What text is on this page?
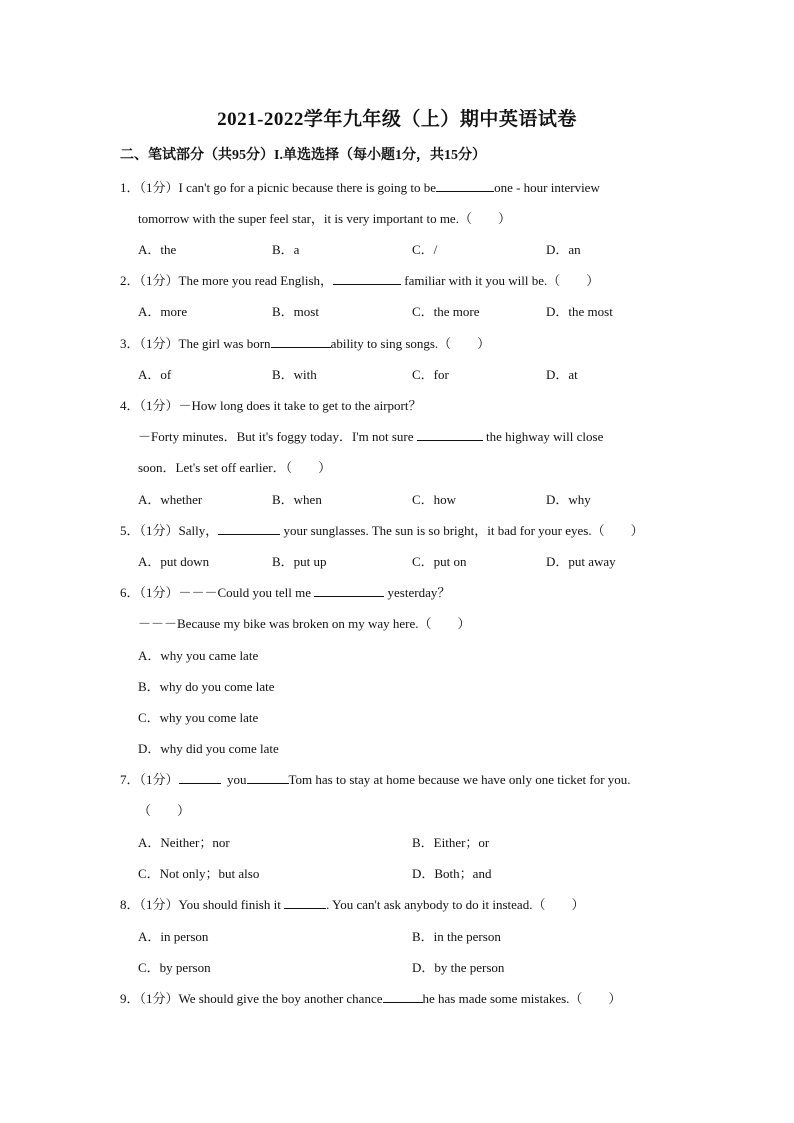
2021-2022学年九年级（上）期中英语试卷
二、笔试部分（共95分）I.单选选择（每小题1分，共15分）
1．（1分）I can't go for a picnic because there is going to be	one - hour interview
tomorrow with the super feel star，it is very important to me.（　　）
A．the	B．a	C．/	D．an
2．（1分）The more you read English，	familiar with it you will be.（　　）
A．more	B．most	C．the more	D．the most
3．（1分）The girl was born	ability to sing songs.（　　）
A．of	B．with	C．for	D．at
4．（1分）－How long does it take to get to the airport？
－Forty minutes．But it's foggy today．I'm not sure	the highway will close
soon．Let's set off earlier．（　　）
A．whether	B．when	C．how	D．why
5．（1分）Sally，	your sunglasses. The sun is so bright，it bad for your eyes.（　　）
A．put down	B．put up	C．put on	D．put away
6．（1分）－－－Could you tell me	yesterday？
－－－Because my bike was broken on my way here.（　　）
A．why you came late
B．why do you come late
C．why you come late
D．why did you come late
7．（1分）	you	Tom has to stay at home because we have only one ticket for you.
（　　）
A．Neither；nor	B．Either；or
C．Not only；but also	D．Both；and
8．（1分）You should finish it	. You can't ask anybody to do it instead.（　　）
A．in person	B．in the person
C．by person	D．by the person
9．（1分）We should give the boy another chance	he has made some mistakes.（　　）
